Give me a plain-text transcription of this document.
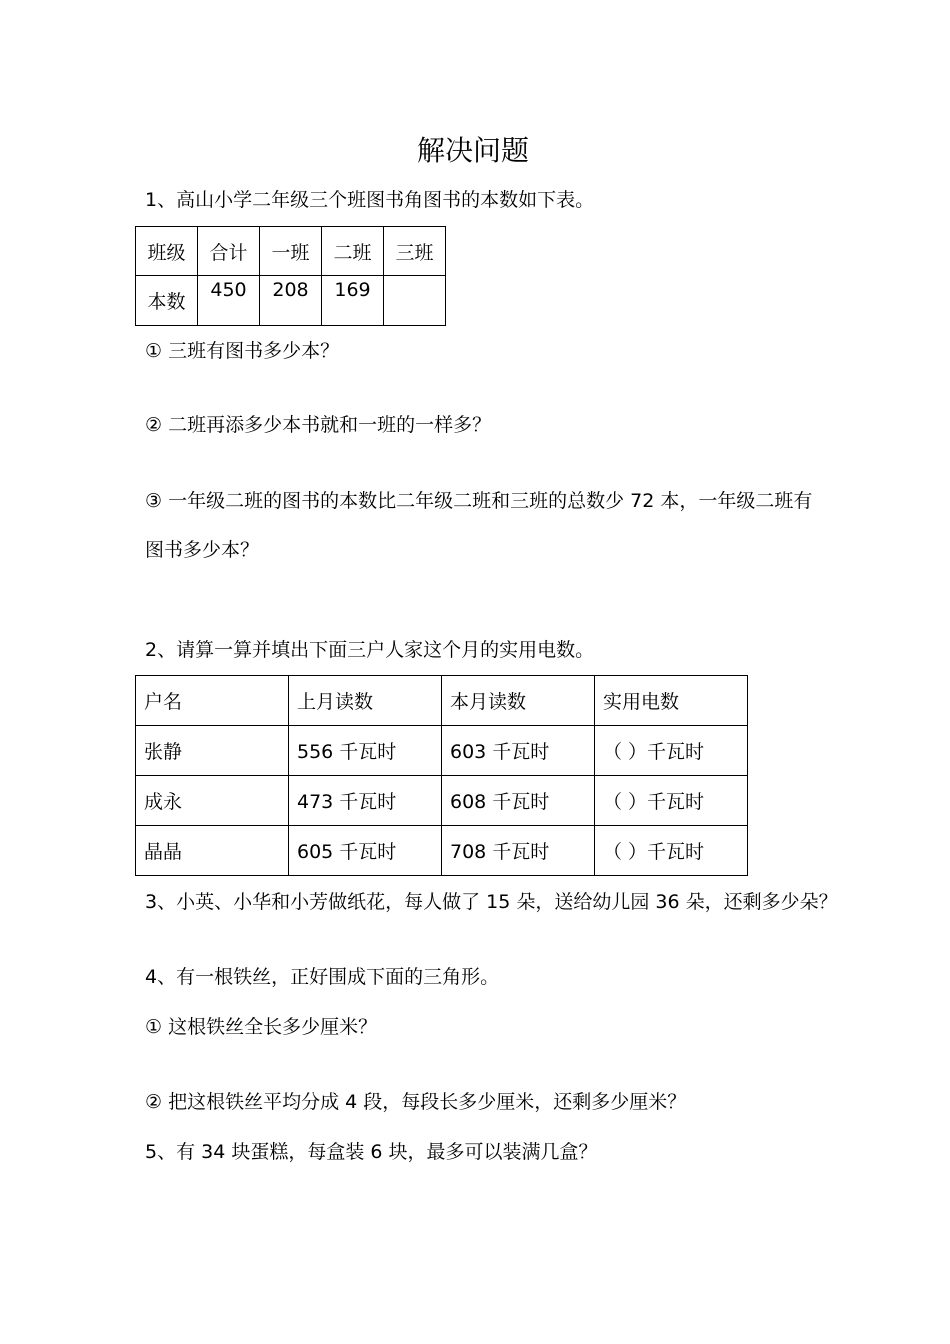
解决问题
1、高山小学二年级三个班图书角图书的本数如下表。
班级	合计	一班	二班	三班
本数	450	208	169	
① 三班有图书多少本？
② 二班再添多少本书就和一班的一样多？
③ 一年级二班的图书的本数比二年级二班和三班的总数少 72 本，一年级二班有
图书多少本？
2、请算一算并填出下面三户人家这个月的实用电数。
户名	上月读数	本月读数	实用电数
张静	556 千瓦时	603 千瓦时	（ ）千瓦时
成永	473 千瓦时	608 千瓦时	（ ）千瓦时
晶晶	605 千瓦时	708 千瓦时	（ ）千瓦时
3、小英、小华和小芳做纸花，每人做了 15 朵，送给幼儿园 36 朵，还剩多少朵？
4、有一根铁丝，正好围成下面的三角形。
① 这根铁丝全长多少厘米？
② 把这根铁丝平均分成 4 段，每段长多少厘米，还剩多少厘米？
5、有 34 块蛋糕，每盒装 6 块，最多可以装满几盒？
